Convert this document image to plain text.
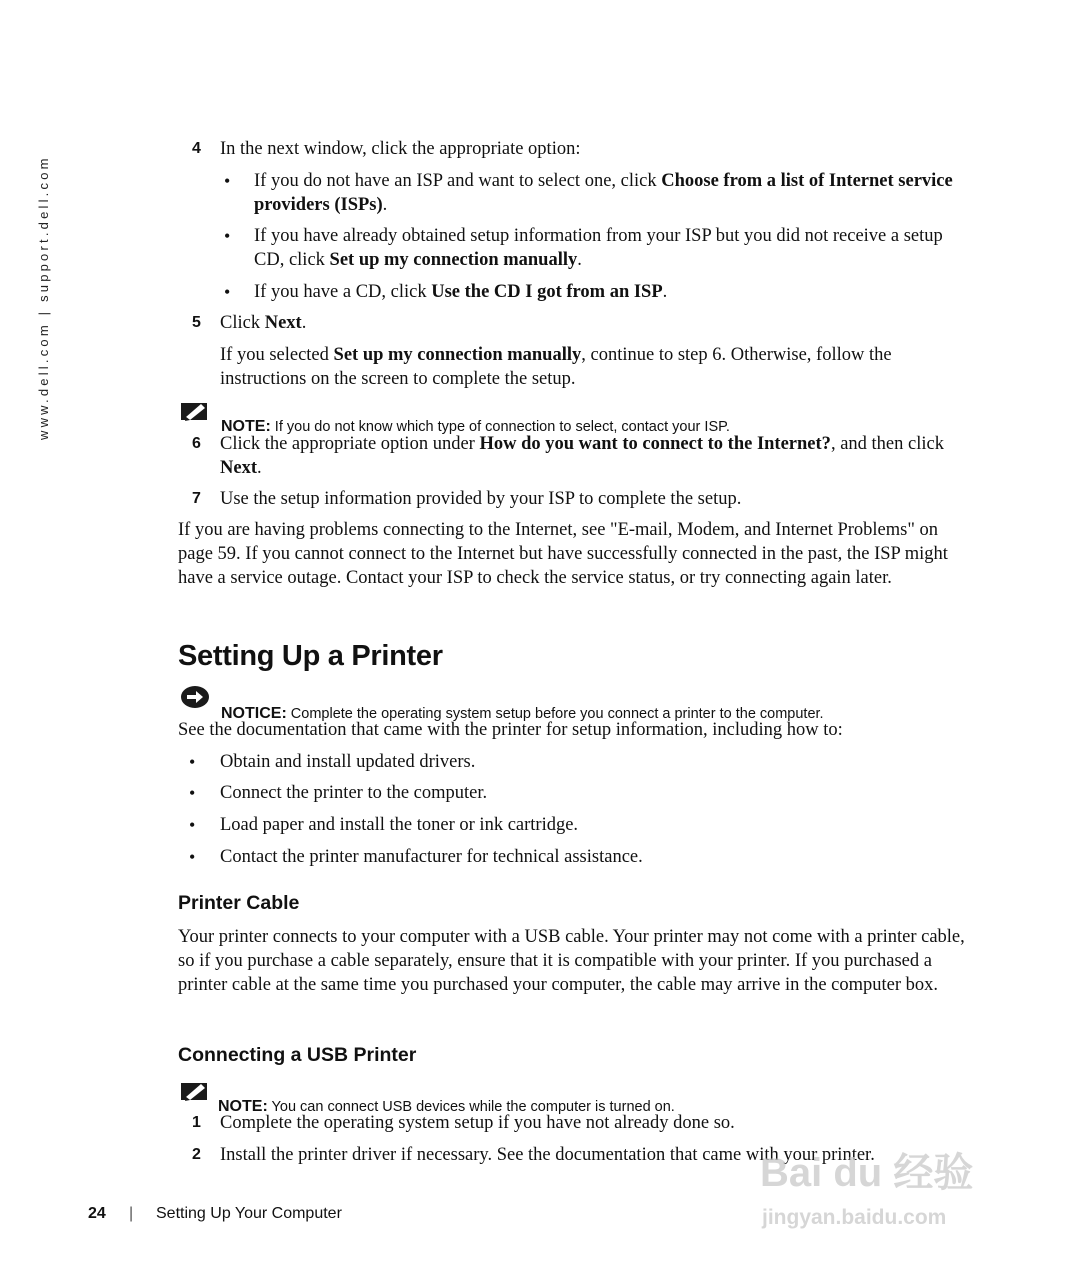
www.dell.com | support.dell.com
4 In the next window, click the appropriate option:

• If you do not have an ISP and want to select one, click Choose from a list of Internet service providers (ISPs).

• If you have already obtained setup information from your ISP but you did not receive a setup CD, click Set up my connection manually.

• If you have a CD, click Use the CD I got from an ISP.

5 Click Next.

If you selected Set up my connection manually, continue to step 6. Otherwise, follow the instructions on the screen to complete the setup.

NOTE: If you do not know which type of connection to select, contact your ISP.

6 Click the appropriate option under How do you want to connect to the Internet?, and then click Next.

7 Use the setup information provided by your ISP to complete the setup.

If you are having problems connecting to the Internet, see "E-mail, Modem, and Internet Problems" on page 59. If you cannot connect to the Internet but have successfully connected in the past, the ISP might have a service outage. Contact your ISP to check the service status, or try connecting again later.

Setting Up a Printer

NOTICE: Complete the operating system setup before you connect a printer to the computer.

See the documentation that came with the printer for setup information, including how to:

• Obtain and install updated drivers.

• Connect the printer to the computer.

• Load paper and install the toner or ink cartridge.

• Contact the printer manufacturer for technical assistance.

Printer Cable

Your printer connects to your computer with a USB cable. Your printer may not come with a printer cable, so if you purchase a cable separately, ensure that it is compatible with your printer. If you purchased a printer cable at the same time you purchased your computer, the cable may arrive in the computer box.

Connecting a USB Printer

NOTE: You can connect USB devices while the computer is turned on.

1 Complete the operating system setup if you have not already done so.

2 Install the printer driver if necessary. See the documentation that came with your printer.

24 | Setting Up Your Computer
Bai du 经验
jingyan.baidu.com
